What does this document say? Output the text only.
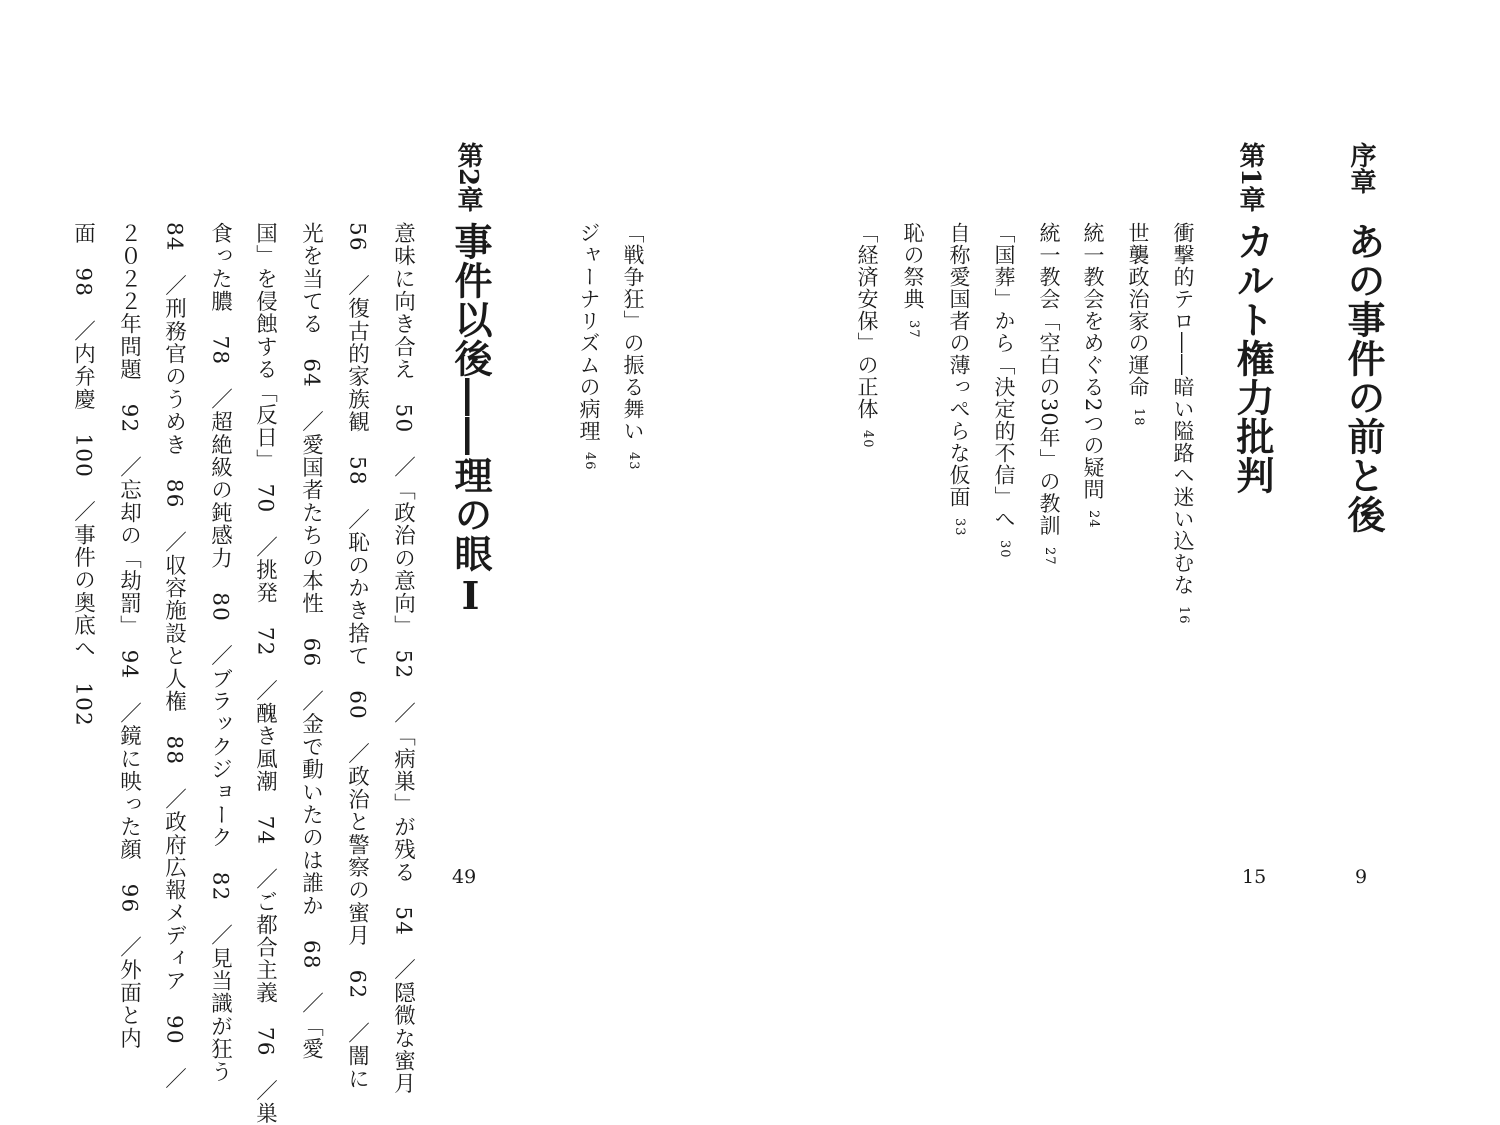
序章
あの事件の前と後
9
第1章
カルト権力批判
15
衝撃的テロ――暗い隘路へ迷い込むな16
世襲政治家の運命18
統一教会をめぐる2つの疑問24
統一教会「空白の30年」の教訓27
「国葬」から「決定的不信」へ30
自称愛国者の薄っぺらな仮面33
恥の祭典37
「経済安保」の正体40
「戦争狂」の振る舞い43
ジャーナリズムの病理46
第2章
事件以後――理の眼Ⅰ
49
意味に向き合え　50　／「政治の意向」　52　／「病巣」が残る　54　／隠微な蜜月
56　／復古的家族観　58　／恥のかき捨て　60　／政治と警察の蜜月　62　／闇に
光を当てる　64　／愛国者たちの本性　66　／金で動いたのは誰か　68　／「愛
国」を侵蝕する「反日」　70　／挑発　72　／醜き風潮　74　／ご都合主義　76　／巣
食った膿　78　／超絶級の鈍感力　80　／ブラックジョーク　82　／見当識が狂う
84　／刑務官のうめき　86　／収容施設と人権　88　／政府広報メディア　90　／
２０２２年問題　92　／忘却の「劫罰」　94　／鏡に映った顔　96　／外面と内
面　98　／内弁慶　100　／事件の奥底へ　102
